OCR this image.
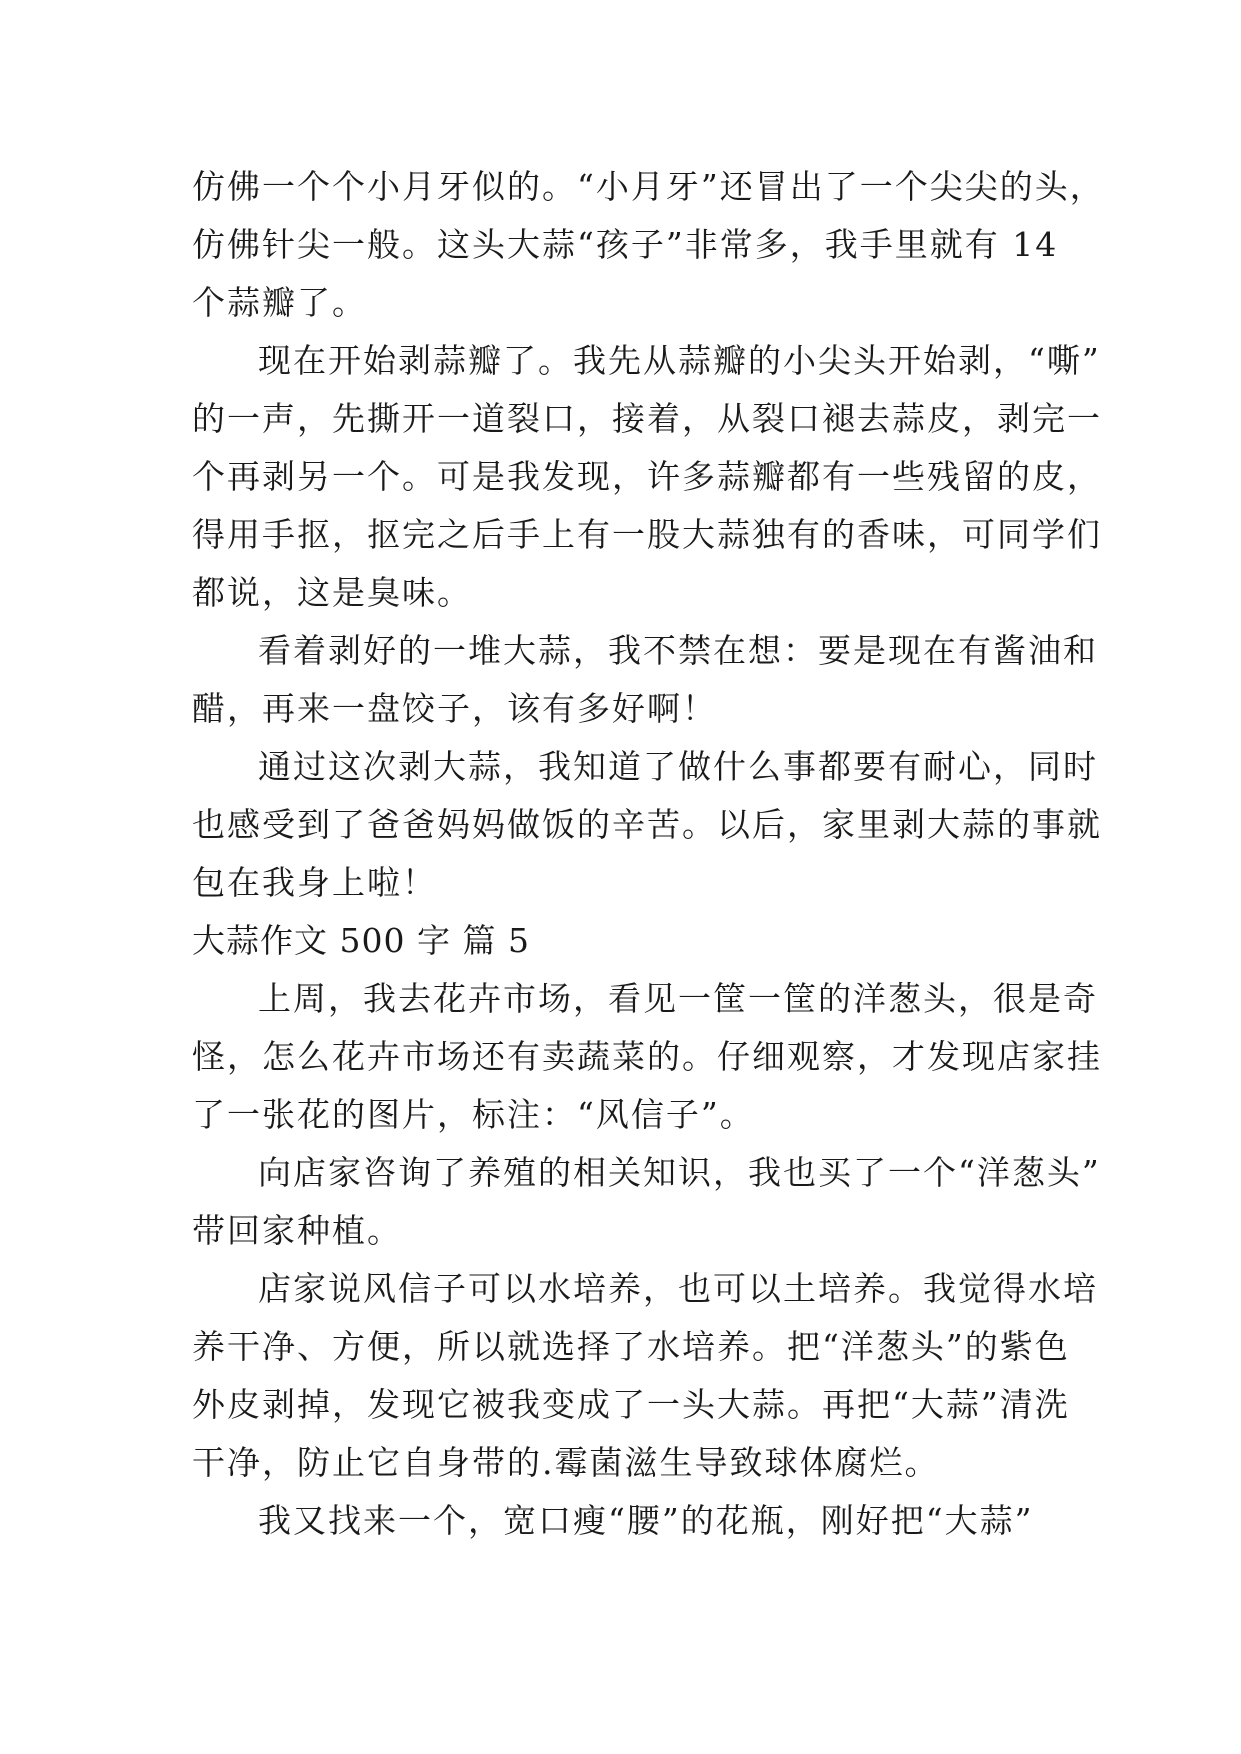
仿佛一个个小月牙似的。“小月牙”还冒出了一个尖尖的头，
仿佛针尖一般。这头大蒜“孩子”非常多，我手里就有 14
个蒜瓣了。
现在开始剥蒜瓣了。我先从蒜瓣的小尖头开始剥，“嘶”
的一声，先撕开一道裂口，接着，从裂口褪去蒜皮，剥完一
个再剥另一个。可是我发现，许多蒜瓣都有一些残留的皮，
得用手抠，抠完之后手上有一股大蒜独有的香味，可同学们
都说，这是臭味。
看着剥好的一堆大蒜，我不禁在想：要是现在有酱油和
醋，再来一盘饺子，该有多好啊！
通过这次剥大蒜，我知道了做什么事都要有耐心，同时
也感受到了爸爸妈妈做饭的辛苦。以后，家里剥大蒜的事就
包在我身上啦！
大蒜作文 500 字 篇 5
上周，我去花卉市场，看见一筐一筐的洋葱头，很是奇
怪，怎么花卉市场还有卖蔬菜的。仔细观察，才发现店家挂
了一张花的图片，标注：“风信子”。
向店家咨询了养殖的相关知识，我也买了一个“洋葱头”
带回家种植。
店家说风信子可以水培养，也可以土培养。我觉得水培
养干净、方便，所以就选择了水培养。把“洋葱头”的紫色
外皮剥掉，发现它被我变成了一头大蒜。再把“大蒜”清洗
干净，防止它自身带的.霉菌滋生导致球体腐烂。
我又找来一个，宽口瘦“腰”的花瓶，刚好把“大蒜”
